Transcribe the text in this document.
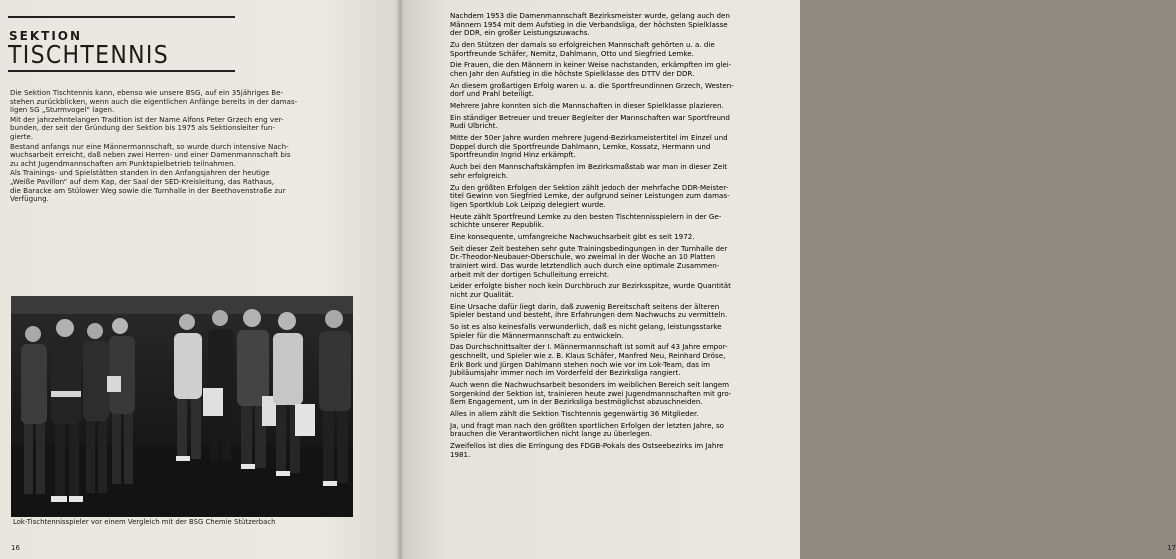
SEKTION
TISCHTENNIS
Die Sektion Tischtennis kann, ebenso wie unsere BSG, auf ein 35jähriges Be-
stehen zurückblicken, wenn auch die eigentlichen Anfänge bereits in der damas-
ligen SG „Sturmvogel“ lagen.
Mit der jahrzehntelangen Tradition ist der Name Alfons Peter Grzech eng ver-
bunden, der seit der Gründung der Sektion bis 1975 als Sektionsleiter fun-
gierte.
Bestand anfangs nur eine Männermannschaft, so wurde durch intensive Nach-
wuchsarbeit erreicht, daß neben zwei Herren- und einer Damenmannschaft bis
zu acht Jugendmannschaften am Punktspielbetrieb teilnahmen.
Als Trainings- und Spielstätten standen in den Anfangsjahren der heutige
„Weiße Pavillon“ auf dem Kap, der Saal der SED-Kreisleitung, das Rathaus,
die Baracke am Stülower Weg sowie die Turnhalle in der Beethovenstraße zur
Verfügung.
Lok-Tischtennisspieler vor einem Vergleich mit der BSG Chemie Stützerbach
16	17
Nachdem 1953 die Damenmannschaft Bezirksmeister wurde, gelang auch den
Männern 1954 mit dem Aufstieg in die Verbandsliga, der höchsten Spielklasse
der DDR, ein großer Leistungszuwachs.
Zu den Stützen der damals so erfolgreichen Mannschaft gehörten u. a. die
Sportfreunde Schäfer, Nemitz, Dahlmann, Otto und Siegfried Lemke.
Die Frauen, die den Männern in keiner Weise nachstanden, erkämpften im glei-
chen Jahr den Aufstieg in die höchste Spielklasse des DTTV der DDR.
An diesem großartigen Erfolg waren u. a. die Sportfreundinnen Grzech, Westen-
dorf und Prahl beteiligt.
Mehrere Jahre konnten sich die Mannschaften in dieser Spielklasse plazieren.
Ein ständiger Betreuer und treuer Begleiter der Mannschaften war Sportfreund
Rudi Ulbricht.
Mitte der 50er Jahre wurden mehrere Jugend-Bezirksmeistertitel im Einzel und
Doppel durch die Sportfreunde Dahlmann, Lemke, Kossatz, Hermann und
Sportfreundin Ingrid Hinz erkämpft.
Auch bei den Mannschaftskämpfen im Bezirksmaßstab war man in dieser Zeit
sehr erfolgreich.
Zu den größten Erfolgen der Sektion zählt jedoch der mehrfache DDR-Meister-
titel Gewinn von Siegfried Lemke, der aufgrund seiner Leistungen zum damas-
ligen Sportklub Lok Leipzig delegiert wurde.
Heute zählt Sportfreund Lemke zu den besten Tischtennisspielern in der Ge-
schichte unserer Republik.
Eine konsequente, umfangreiche Nachwuchsarbeit gibt es seit 1972.
Seit dieser Zeit bestehen sehr gute Trainingsbedingungen in der Turnhalle der
Dr.-Theodor-Neubauer-Oberschule, wo zweimal in der Woche an 10 Platten
trainiert wird. Das wurde letztendlich auch durch eine optimale Zusammen-
arbeit mit der dortigen Schulleitung erreicht.
Leider erfolgte bisher noch kein Durchbruch zur Bezirksspitze, wurde Quantität
nicht zur Qualität.
Eine Ursache dafür liegt darin, daß zuwenig Bereitschaft seitens der älteren
Spieler bestand und besteht, ihre Erfahrungen dem Nachwuchs zu vermitteln.
So ist es also keinesfalls verwunderlich, daß es nicht gelang, leistungsstarke
Spieler für die Männermannschaft zu entwickeln.
Das Durchschnittsalter der I. Männermannschaft ist somit auf 43 Jahre empor-
geschnellt, und Spieler wie z. B. Klaus Schäfer, Manfred Neu, Reinhard Dröse,
Erik Bork und Jürgen Dahlmann stehen noch wie vor im Lok-Team, das im
Jubiläumsjahr immer noch im Vorderfeld der Bezirksliga rangiert.
Auch wenn die Nachwuchsarbeit besonders im weiblichen Bereich seit langem
Sorgenkind der Sektion ist, trainieren heute zwei Jugendmannschaften mit gro-
ßem Engagement, um in der Bezirksliga bestmöglichst abzuschneiden.
Alles in allem zählt die Sektion Tischtennis gegenwärtig 36 Mitglieder.
Ja, und fragt man nach den größten sportlichen Erfolgen der letzten Jahre, so
brauchen die Verantwortlichen nicht lange zu überlegen.
Zweifellos ist dies die Erringung des FDGB-Pokals des Ostseebezirks im Jahre
1981.
